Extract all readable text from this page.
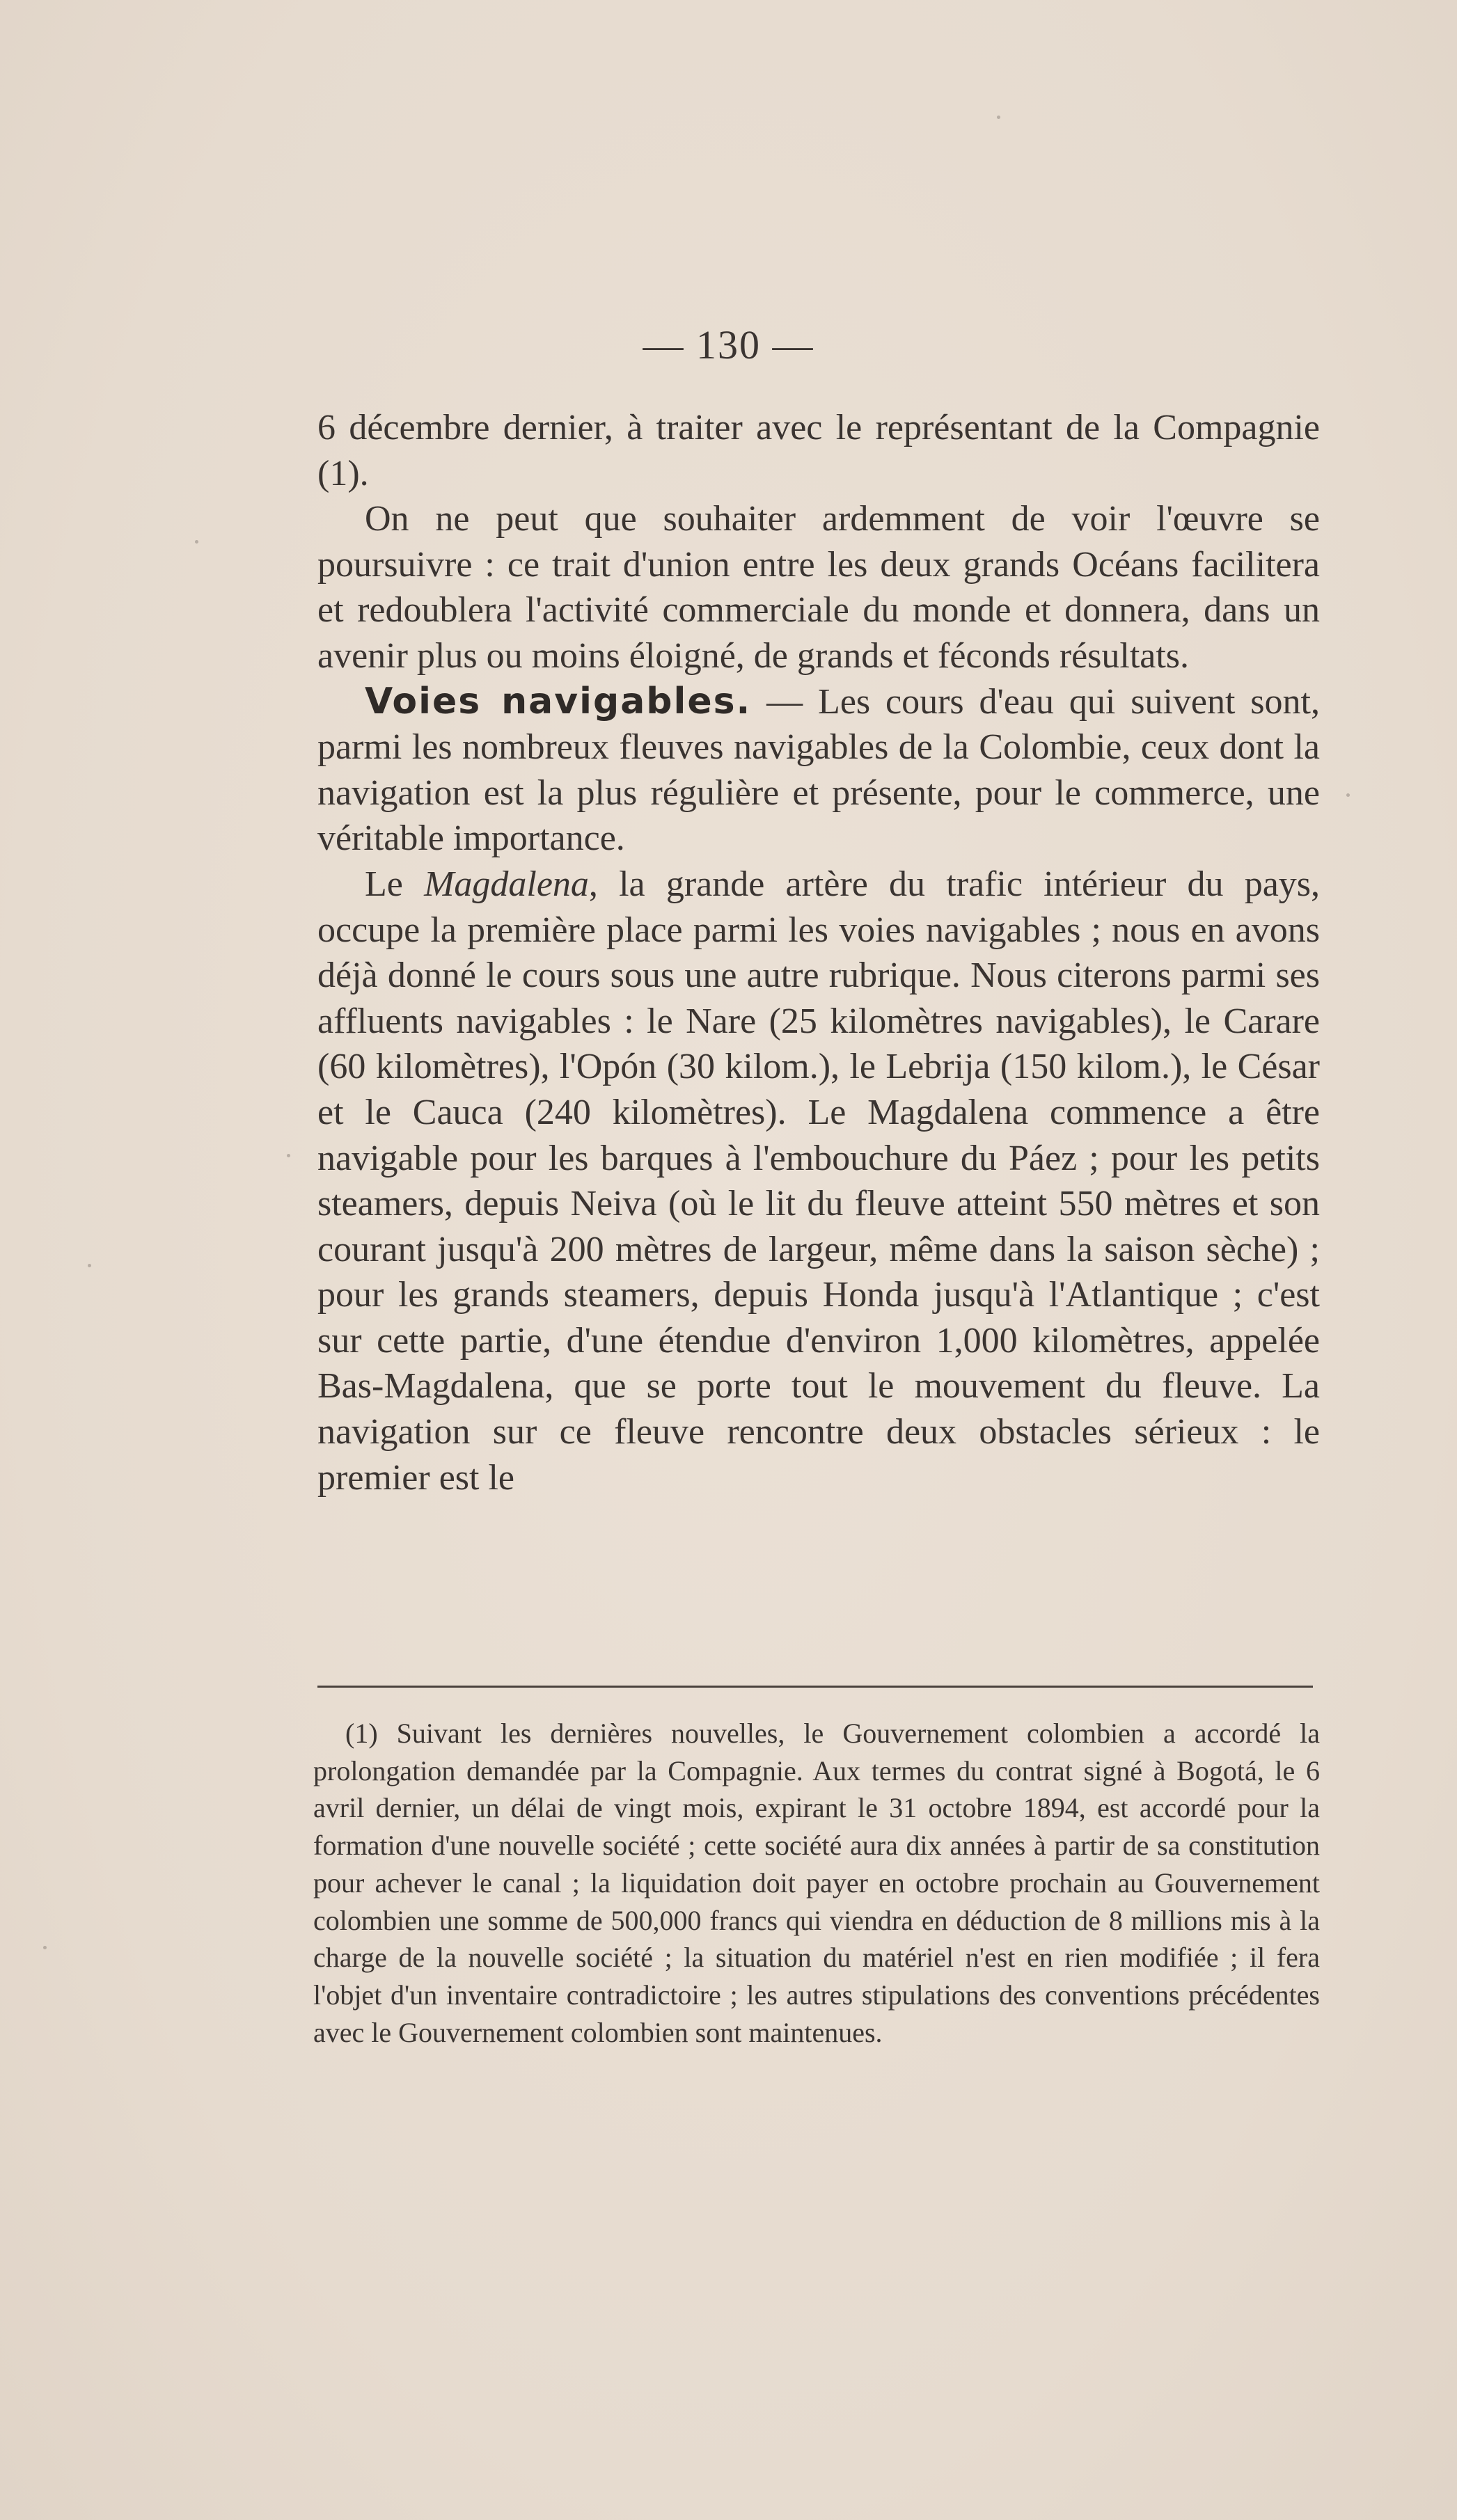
— 130 —

6 décembre dernier, à traiter avec le représentant de la Compagnie (1).

On ne peut que souhaiter ardemment de voir l'œuvre se poursuivre : ce trait d'union entre les deux grands Océans facilitera et redoublera l'activité commerciale du monde et donnera, dans un avenir plus ou moins éloigné, de grands et féconds résultats.

Voies navigables. — Les cours d'eau qui suivent sont, parmi les nombreux fleuves navigables de la Colombie, ceux dont la navigation est la plus régulière et présente, pour le commerce, une véritable importance.

Le Magdalena, la grande artère du trafic intérieur du pays, occupe la première place parmi les voies navigables ; nous en avons déjà donné le cours sous une autre rubrique. Nous citerons parmi ses affluents navigables : le Nare (25 kilomètres navigables), le Carare (60 kilomètres), l'Opón (30 kilom.), le Lebrija (150 kilom.), le César et le Cauca (240 kilomètres). Le Magdalena commence a être navigable pour les barques à l'embouchure du Páez ; pour les petits steamers, depuis Neiva (où le lit du fleuve atteint 550 mètres et son courant jusqu'à 200 mètres de largeur, même dans la saison sèche) ; pour les grands steamers, depuis Honda jusqu'à l'Atlantique ; c'est sur cette partie, d'une étendue d'environ 1,000 kilomètres, appelée Bas-Magdalena, que se porte tout le mouvement du fleuve. La navigation sur ce fleuve rencontre deux obstacles sérieux : le premier est le

(1) Suivant les dernières nouvelles, le Gouvernement colombien a accordé la prolongation demandée par la Compagnie. Aux termes du contrat signé à Bogotá, le 6 avril dernier, un délai de vingt mois, expirant le 31 octobre 1894, est accordé pour la formation d'une nouvelle société ; cette société aura dix années à partir de sa constitution pour achever le canal ; la liquidation doit payer en octobre prochain au Gouvernement colombien une somme de 500,000 francs qui viendra en déduction de 8 millions mis à la charge de la nouvelle société ; la situation du matériel n'est en rien modifiée ; il fera l'objet d'un inventaire contradictoire ; les autres stipulations des conventions précédentes avec le Gouvernement colombien sont maintenues.
